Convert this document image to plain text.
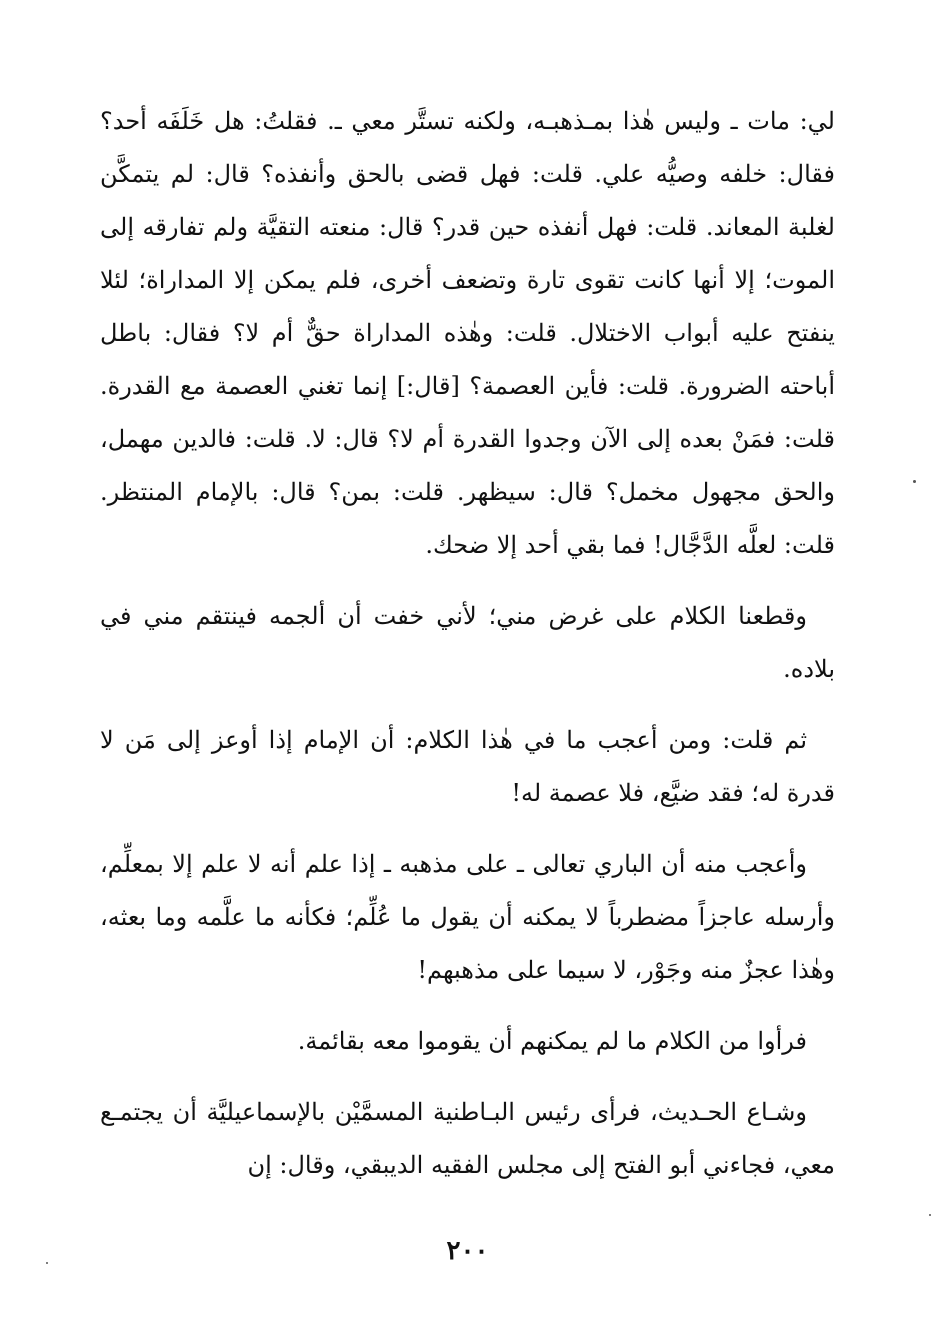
لي: مات ـ وليس هٰذا بمـذهبـه، ولكنه تستَّر معي ـ. فقلتُ: هل خَلَفَه أحد؟ فقال: خلفه وصيُّه علي. قلت: فهل قضى بالحق وأنفذه؟ قال: لم يتمكَّن لغلبة المعاند. قلت: فهل أنفذه حين قدر؟ قال: منعته التقيَّة ولم تفارقه إلى الموت؛ إلا أنها كانت تقوى تارة وتضعف أخرى، فلم يمكن إلا المداراة؛ لئلا ينفتح عليه أبواب الاختلال. قلت: وهٰذه المداراة حقٌّ أم لا؟ فقال: باطل أباحته الضرورة. قلت: فأين العصمة؟ [قال:] إنما تغني العصمة مع القدرة. قلت: فمَنْ بعده إلى الآن وجدوا القدرة أم لا؟ قال: لا. قلت: فالدين مهمل، والحق مجهول مخمل؟ قال: سيظهر. قلت: بمن؟ قال: بالإمام المنتظر. قلت: لعلَّه الدَّجَّال! فما بقي أحد إلا ضحك.

وقطعنا الكلام على غرض مني؛ لأني خفت أن ألجمه فينتقم مني في بلاده.

ثم قلت: ومن أعجب ما في هٰذا الكلام: أن الإمام إذا أوعز إلى مَن لا قدرة له؛ فقد ضيَّع، فلا عصمة له!

وأعجب منه أن الباري تعالى ـ على مذهبه ـ إذا علم أنه لا علم إلا بمعلِّم، وأرسله عاجزاً مضطرباً لا يمكنه أن يقول ما عُلِّم؛ فكأنه ما علَّمه وما بعثه، وهٰذا عجزٌ منه وجَوْر، لا سيما على مذهبهم!

فرأوا من الكلام ما لم يمكنهم أن يقوموا معه بقائمة.

وشـاع الحـديث، فرأى رئيس البـاطنية المسمَّيْن بالإسماعيليَّة أن يجتمـع معي، فجاءني أبو الفتح إلى مجلس الفقيه الديبقي، وقال: إن

٢٠٠
